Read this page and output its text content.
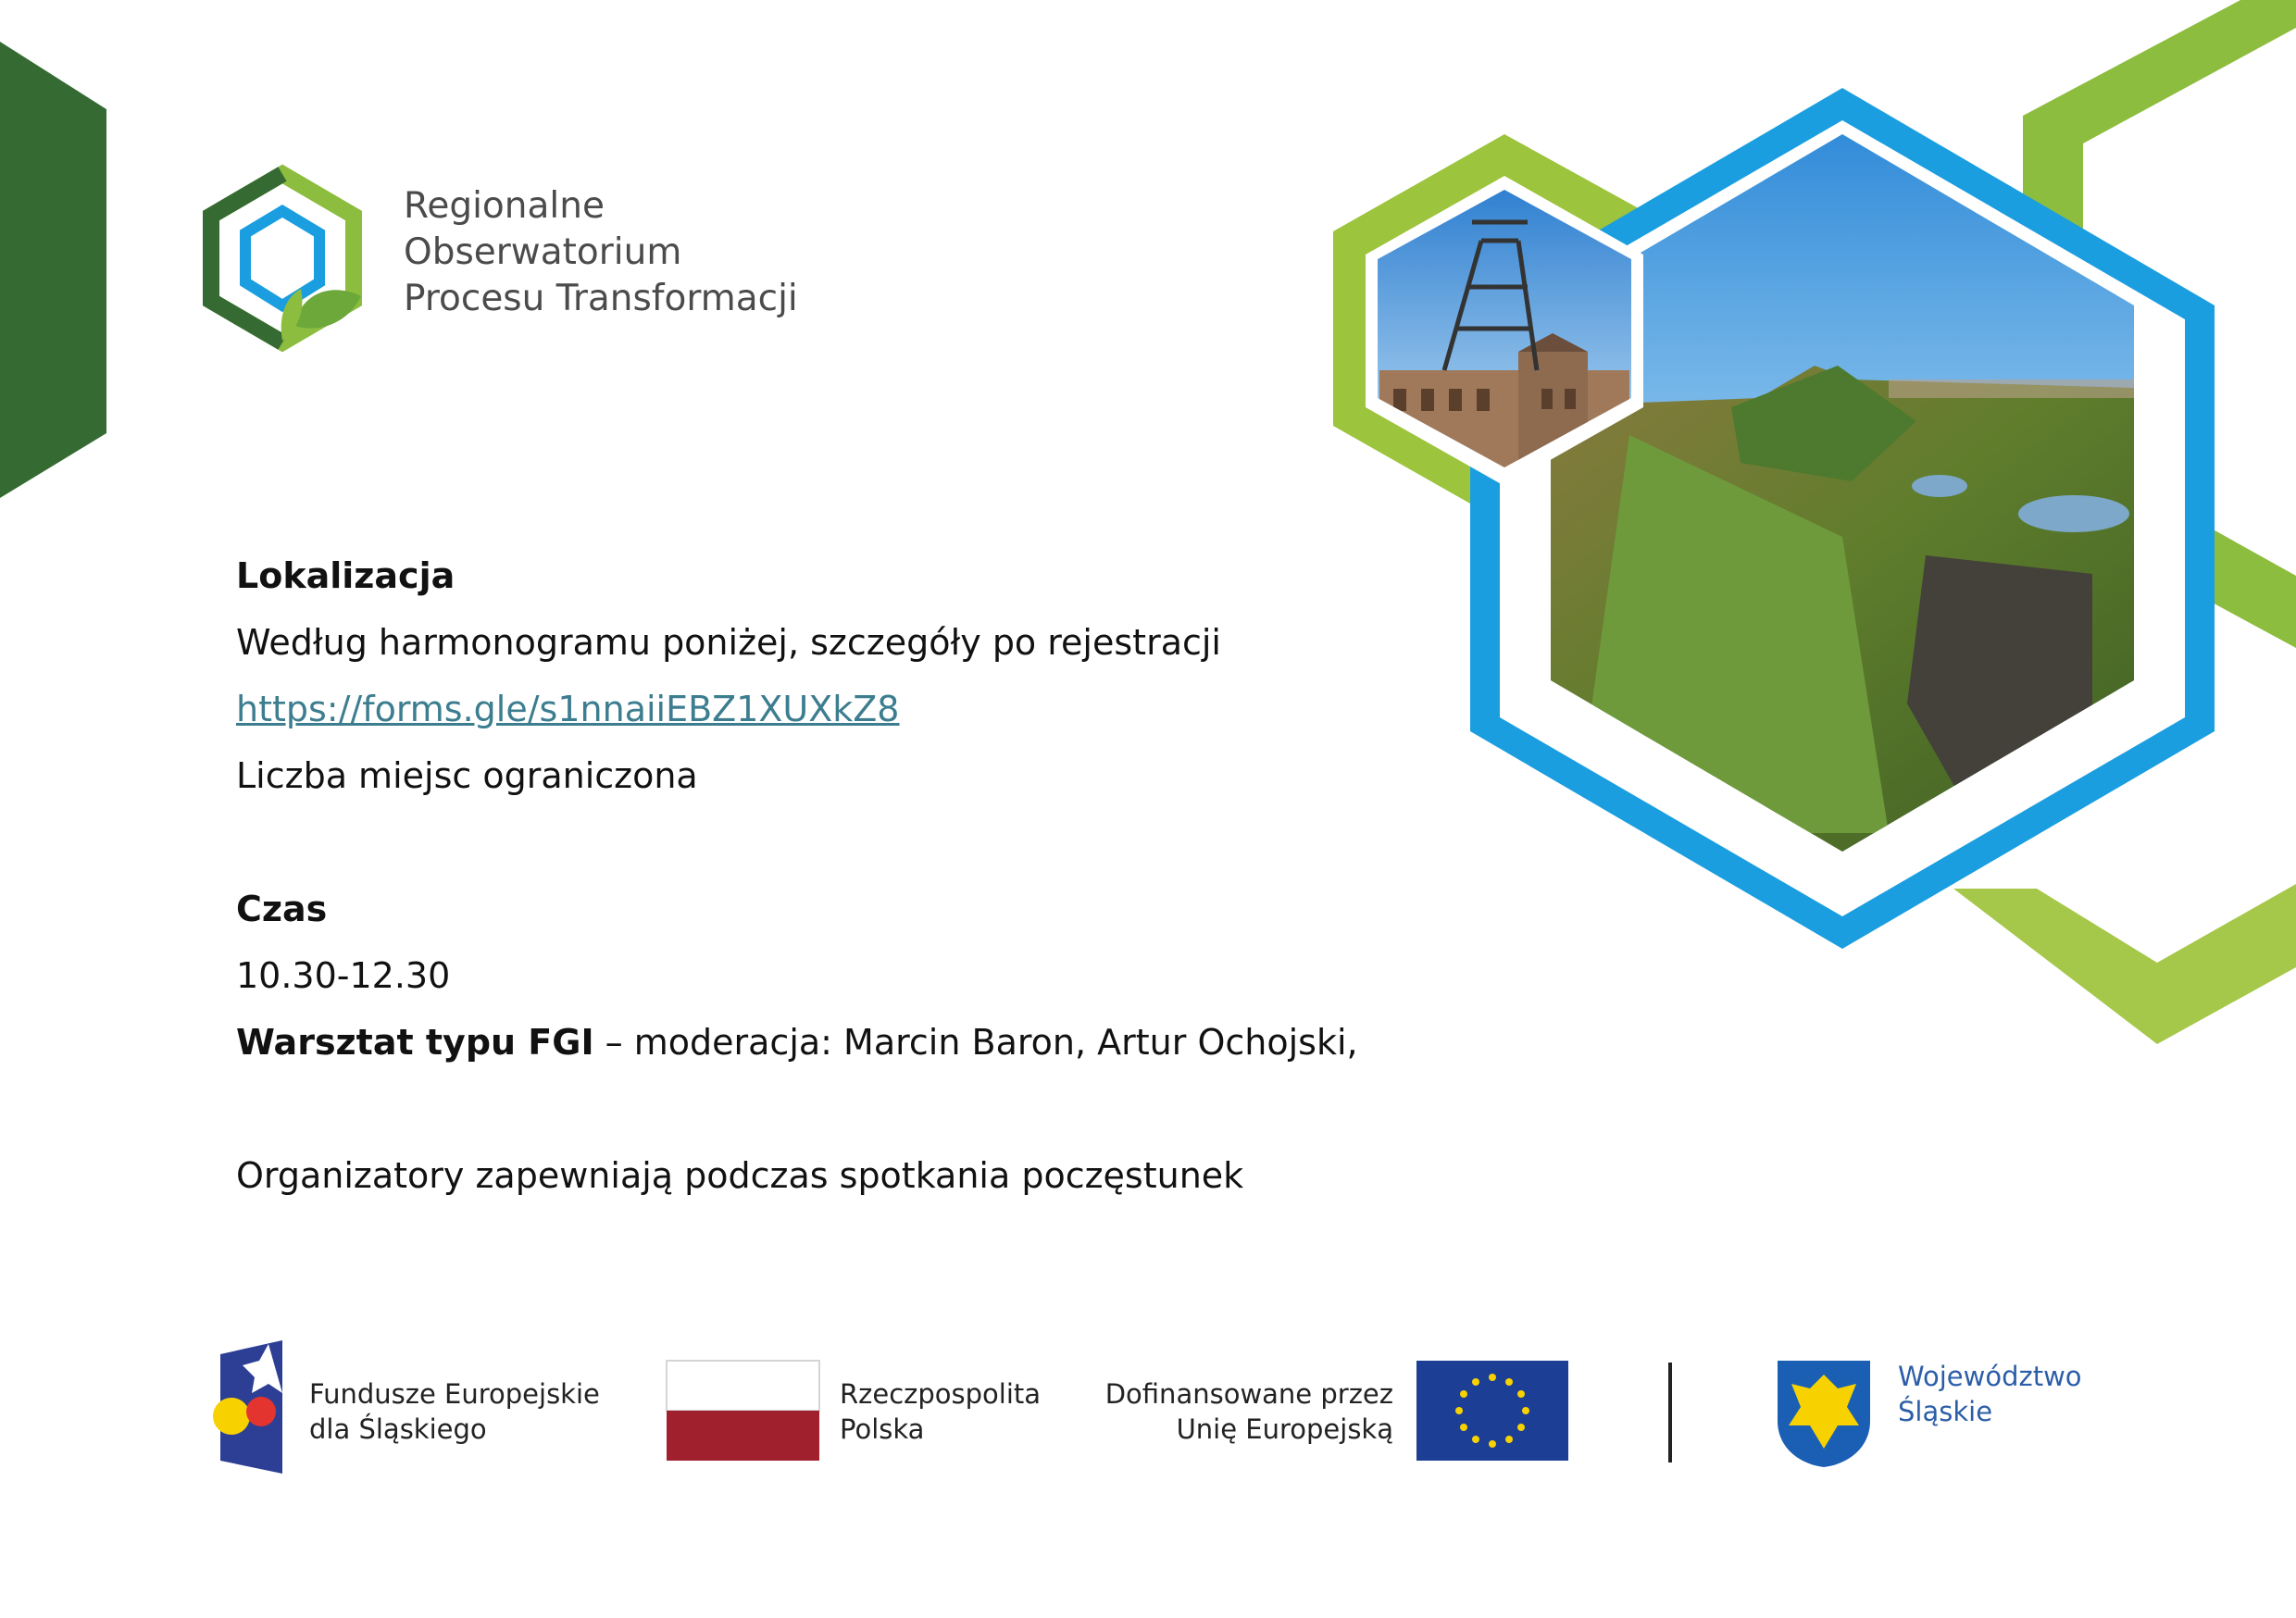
Regionalne
Obserwatorium
Procesu Transformacji
Lokalizacja
Według harmonogramu poniżej, szczegóły po rejestracji
https://forms.gle/s1nnaiiEBZ1XUXkZ8
Liczba miejsc ograniczona
Czas
10.30-12.30
Warsztat typu FGI – moderacja: Marcin Baron, Artur Ochojski,
Organizatory zapewniają podczas spotkania poczęstunek
Fundusze Europejskie
dla Śląskiego
Rzeczpospolita
Polska
Dofinansowane przez
Unię Europejską
Województwo
Śląskie
